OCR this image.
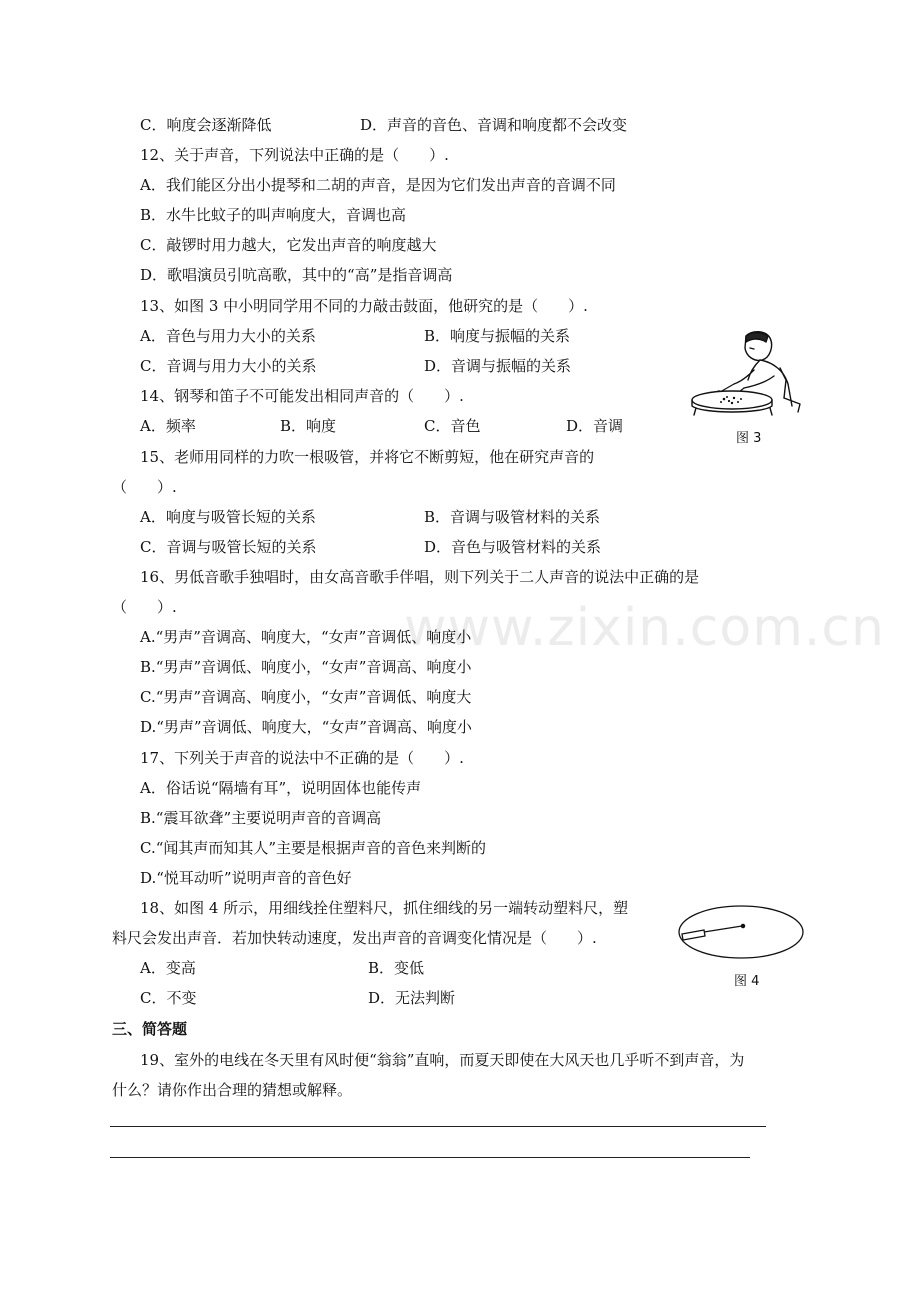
www.zixin.com.cn
C．响度会逐渐降低	D．声音的音色、音调和响度都不会改变
12、关于声音，下列说法中正确的是（　　）.
A．我们能区分出小提琴和二胡的声音，是因为它们发出声音的音调不同
B．水牛比蚊子的叫声响度大，音调也高
C．敲锣时用力越大，它发出声音的响度越大
D．歌唱演员引吭高歌，其中的“高”是指音调高
13、如图 3 中小明同学用不同的力敲击鼓面，他研究的是（　　）.
A．音色与用力大小的关系	B．响度与振幅的关系
C．音调与用力大小的关系	D．音调与振幅的关系
14、钢琴和笛子不可能发出相同声音的（　　）.
A．频率	B．响度	C．音色	D．音调
图 3
15、老师用同样的力吹一根吸管，并将它不断剪短，他在研究声音的
（　　）.
A．响度与吸管长短的关系	B．音调与吸管材料的关系
C．音调与吸管长短的关系	D．音色与吸管材料的关系
16、男低音歌手独唱时，由女高音歌手伴唱，则下列关于二人声音的说法中正确的是
（　　）.
A.“男声”音调高、响度大，“女声”音调低、响度小
B.“男声”音调低、响度小，“女声”音调高、响度小
C.“男声”音调高、响度小，“女声”音调低、响度大
D.“男声”音调低、响度大，“女声”音调高、响度小
17、下列关于声音的说法中不正确的是（　　）.
A．俗话说“隔墙有耳”，说明固体也能传声
B.“震耳欲聋”主要说明声音的音调高
C.“闻其声而知其人”主要是根据声音的音色来判断的
D.“悦耳动听”说明声音的音色好
18、如图 4 所示，用细线拴住塑料尺，抓住细线的另一端转动塑料尺，塑
料尺会发出声音．若加快转动速度，发出声音的音调变化情况是（　　）.
A．变高	B．变低
C．不变	D．无法判断
图 4
三、简答题
19、室外的电线在冬天里有风时便“翁翁”直响，而夏天即使在大风天也几乎听不到声音，为
什么？请你作出合理的猜想或解释。
